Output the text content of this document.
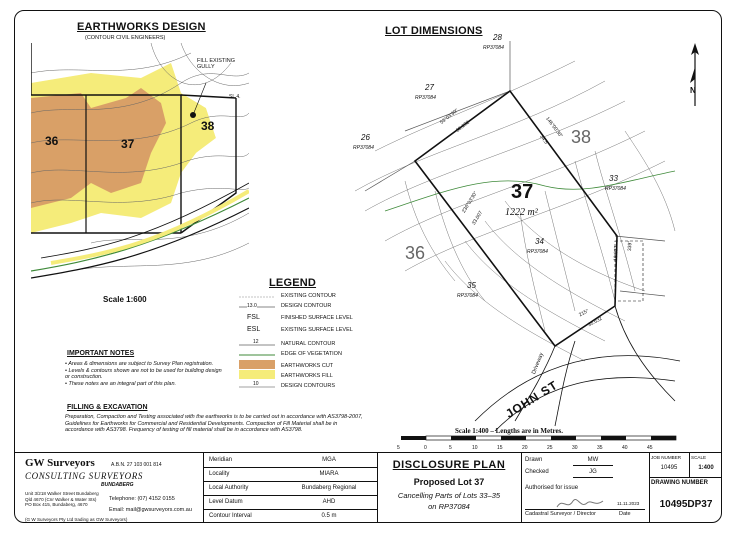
EARTHWORKS DESIGN
(CONTOUR CIVIL ENGINEERS)
FILL EXISTING GULLY
SL 4.
36	37
38
Scale 1:600
LOT DIMENSIONS
N
37
1222 m²
28
RP37084
27
RP37084
26
RP37084
38
33
RP37084
34
RP37084
36
35
RP37084
53°03'30"
38.192	146°00'30"
34.5
236°03'30"
33.007
339°
16.622
215°
35.632
Driveway
JOHN ST
Scale 1:400 – Lengths are in Metres.
5	0	5	10	15	20	25	30	35	40	45
LEGEND
EXISTING CONTOUR
13.0	DESIGN CONTOUR
FSL	FINISHED SURFACE LEVEL
ESL	EXISTING SURFACE LEVEL
12	NATURAL CONTOUR
EDGE OF VEGETATION
EARTHWORKS CUT
EARTHWORKS FILL
10	DESIGN CONTOURS
IMPORTANT NOTES
• Areas & dimensions are subject to Survey Plan registration.
• Levels & contours shown are not to be used for building design or construction.
• These notes are an integral part of this plan.
FILLING & EXCAVATION
Preparation, Compaction and Testing associated with the earthworks is to be carried out in accordance with AS3798-2007, Guidelines for Earthworks for Commercial and Residential Developments. Compaction of Fill Material shall be in accordance with AS3798. Frequency of testing of fill material shall be in accordance with AS3798.
GW Surveyors	A.B.N. 27 103 001 814
CONSULTING SURVEYORS
BUNDABERG
Unit 3/218 Walker Street Bundaberg Qld 4670 (Cnr Walker & Water Sts) PO Box 415, Bundaberg, 4670
Telephone: (07) 4152 0155
Email: mail@gwsurveyors.com.au
(G W Surveyors Pty Ltd trading as GW Surveyors)
Meridian	MGA
Locality	MIARA
Local Authority	Bundaberg Regional
Level Datum	AHD
Contour Interval	0.5 m
DISCLOSURE PLAN
Proposed Lot 37
Cancelling Parts of Lots 33–35
on RP37084
Drawn	MW
Checked	JG
Authorised for issue
11.11.2023
Cadastral Surveyor / Director	Date
JOB NUMBER
10495
SCALE
1:400
DRAWING NUMBER
10495DP37
